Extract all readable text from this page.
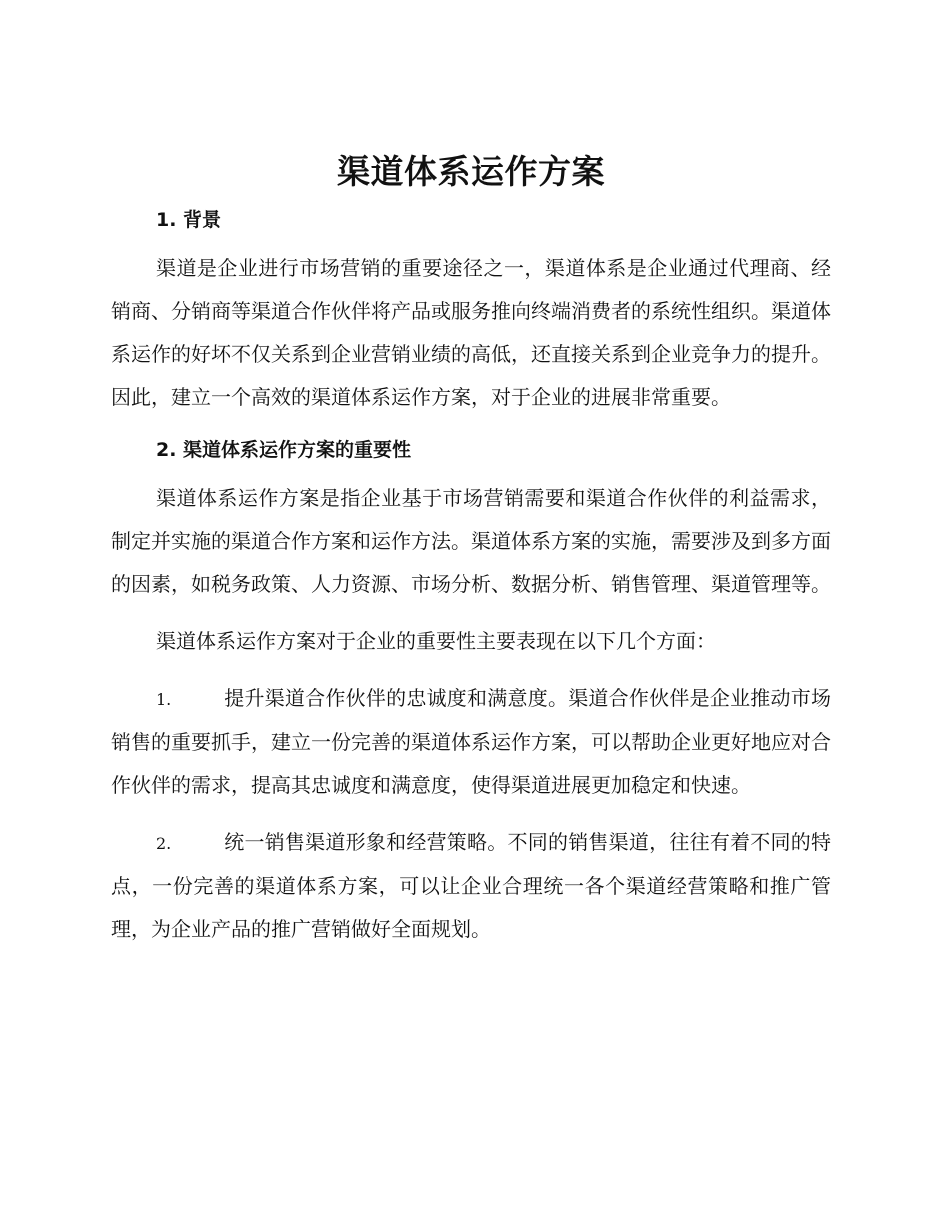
渠道体系运作方案
1. 背景

渠道是企业进行市场营销的重要途径之一，渠道体系是企业通过代理商、经销商、分销商等渠道合作伙伴将产品或服务推向终端消费者的系统性组织。渠道体系运作的好坏不仅关系到企业营销业绩的高低，还直接关系到企业竞争力的提升。因此，建立一个高效的渠道体系运作方案，对于企业的进展非常重要。

2. 渠道体系运作方案的重要性

渠道体系运作方案是指企业基于市场营销需要和渠道合作伙伴的利益需求，制定并实施的渠道合作方案和运作方法。渠道体系方案的实施，需要涉及到多方面的因素，如税务政策、人力资源、市场分析、数据分析、销售管理、渠道管理等。

渠道体系运作方案对于企业的重要性主要表现在以下几个方面：

1.	提升渠道合作伙伴的忠诚度和满意度。渠道合作伙伴是企业推动市场销售的重要抓手，建立一份完善的渠道体系运作方案，可以帮助企业更好地应对合作伙伴的需求，提高其忠诚度和满意度，使得渠道进展更加稳定和快速。

2.	统一销售渠道形象和经营策略。不同的销售渠道，往往有着不同的特点，一份完善的渠道体系方案，可以让企业合理统一各个渠道经营策略和推广管理，为企业产品的推广营销做好全面规划。
